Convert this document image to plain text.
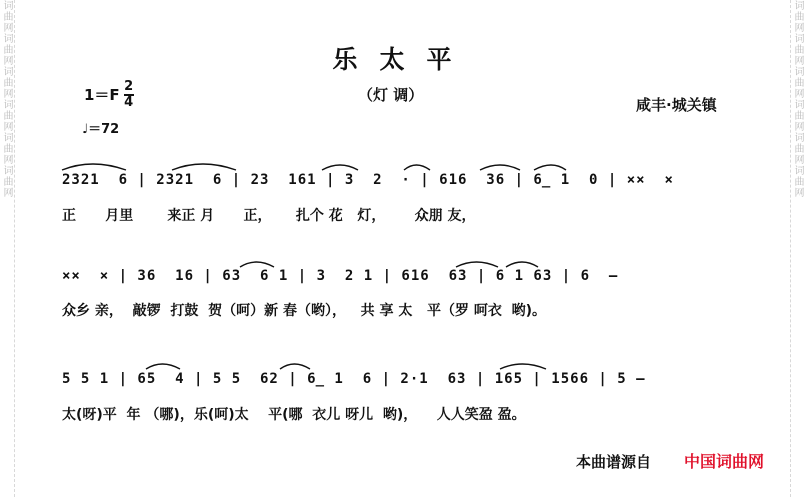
词曲网词曲网词曲网词曲网词曲网词曲网	词曲网词曲网词曲网词曲网词曲网词曲网
乐太平
（灯 调）
$1=F \frac{2}{4}$
♩＝72
咸丰·城关镇
2321  6 | 2321  6 | 23  161 | 3  2  · | 616  36 | 6̲ 1  0 | ××  ×
正      月里       来正 月      正，     扎个 花   灯，      众朋 友，
××  × | 36  16 | 63  6 1 | 3  2 1 | 616  63 | 6 1 63 | 6  —
众乡 亲，  敲锣  打鼓  贺（呵）新 春（哟），   共 享 太   平（罗 呵衣  哟)。
5 5 1 | 65  4 | 5 5  62 | 6̲ 1  6 | 2·1  63 | 165 | 1566 | 5 —
太(呀)平  年 （哪)，乐(呵)太    平(哪  衣儿 呀儿  哟)，    人人笑盈 盈。
本曲谱源自 中国词曲网
